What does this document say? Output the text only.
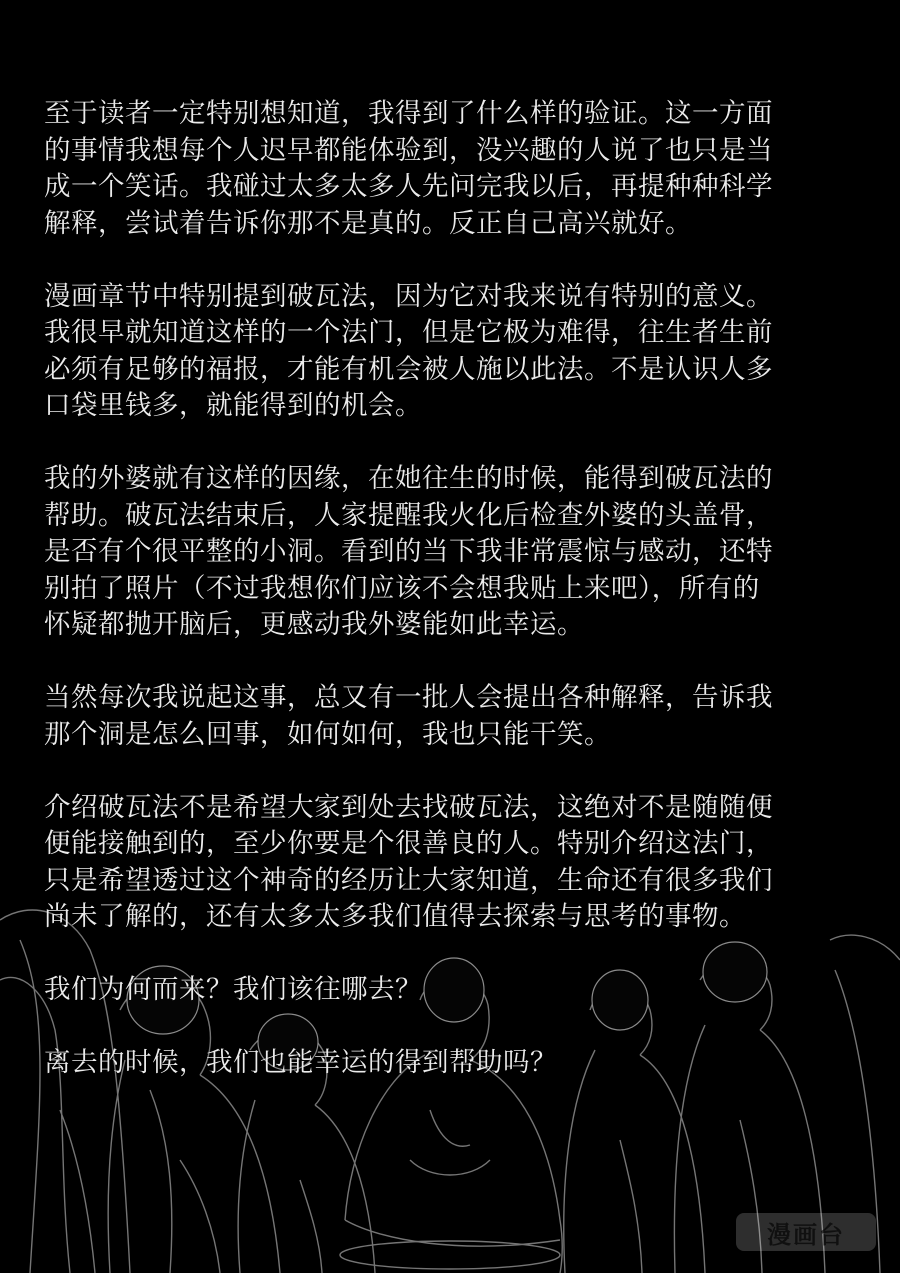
至于读者一定特别想知道，我得到了什么样的验证。这一方面
的事情我想每个人迟早都能体验到，没兴趣的人说了也只是当
成一个笑话。我碰过太多太多人先问完我以后，再提种种科学
解释，尝试着告诉你那不是真的。反正自己高兴就好。

漫画章节中特别提到破瓦法，因为它对我来说有特别的意义。
我很早就知道这样的一个法门，但是它极为难得，往生者生前
必须有足够的福报，才能有机会被人施以此法。不是认识人多
口袋里钱多，就能得到的机会。

我的外婆就有这样的因缘，在她往生的时候，能得到破瓦法的
帮助。破瓦法结束后，人家提醒我火化后检查外婆的头盖骨，
是否有个很平整的小洞。看到的当下我非常震惊与感动，还特
别拍了照片（不过我想你们应该不会想我贴上来吧），所有的
怀疑都抛开脑后，更感动我外婆能如此幸运。

当然每次我说起这事，总又有一批人会提出各种解释，告诉我
那个洞是怎么回事，如何如何，我也只能干笑。

介绍破瓦法不是希望大家到处去找破瓦法，这绝对不是随随便
便能接触到的，至少你要是个很善良的人。特别介绍这法门，
只是希望透过这个神奇的经历让大家知道，生命还有很多我们
尚未了解的，还有太多太多我们值得去探索与思考的事物。

我们为何而来？我们该往哪去？

离去的时候，我们也能幸运的得到帮助吗？

漫画台
